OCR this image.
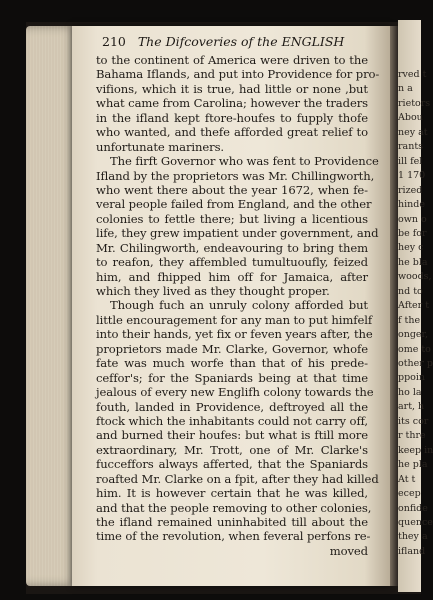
rved t
n a
rietors
Abou
ney at
rants
ill fel
1 170
rized
hinde
own o
be for
hey c
he bla
woods,
nd to
After t
f the
onger,
ome to
other p
ppoin
ho la
art, h
its cor
r thre
keep in
he pla
At t
ecep
onfide
quence
they a
ifland
210 The Difcoveries of the ENGLISH
to the continent of America were driven to the
Bahama Iflands, and put into Providence for pro-
vifions, which it is true, had little or none ,but
what came from Carolina; however the traders
in the ifland kept ftore-houfes to fupply thofe
who wanted, and thefe afforded great relief to
unfortunate mariners.
The firft Governor who was fent to Providence
Ifland by the proprietors was Mr. Chillingworth,
who went there about the year 1672, when fe-
veral people failed from England, and the other
colonies to fettle there; but living a licentious
life, they grew impatient under government, and
Mr. Chilingworth, endeavouring to bring them
to reafon, they affembled tumultuoufly, feized
him, and fhipped him off for Jamaica, after
which they lived as they thought proper.
Though fuch an unruly colony afforded but
little encouragement for any man to put himfelf
into their hands, yet fix or feven years after, the
proprietors made Mr. Clarke, Governor, whofe
fate was much worfe than that of his prede-
ceffor's; for the Spaniards being at that time
jealous of every new Englifh colony towards the
fouth, landed in Providence, deftroyed all the
ftock which the inhabitants could not carry off,
and burned their houfes: but what is ftill more
extraordinary, Mr. Trott, one of Mr. Clarke's
fucceffors always afferted, that the Spaniards
roafted Mr. Clarke on a fpit, after they had killed
him. It is however certain that he was killed,
and that the people removing to other colonies,
the ifland remained uninhabited till about the
time of the revolution, when feveral perfons re-
moved
